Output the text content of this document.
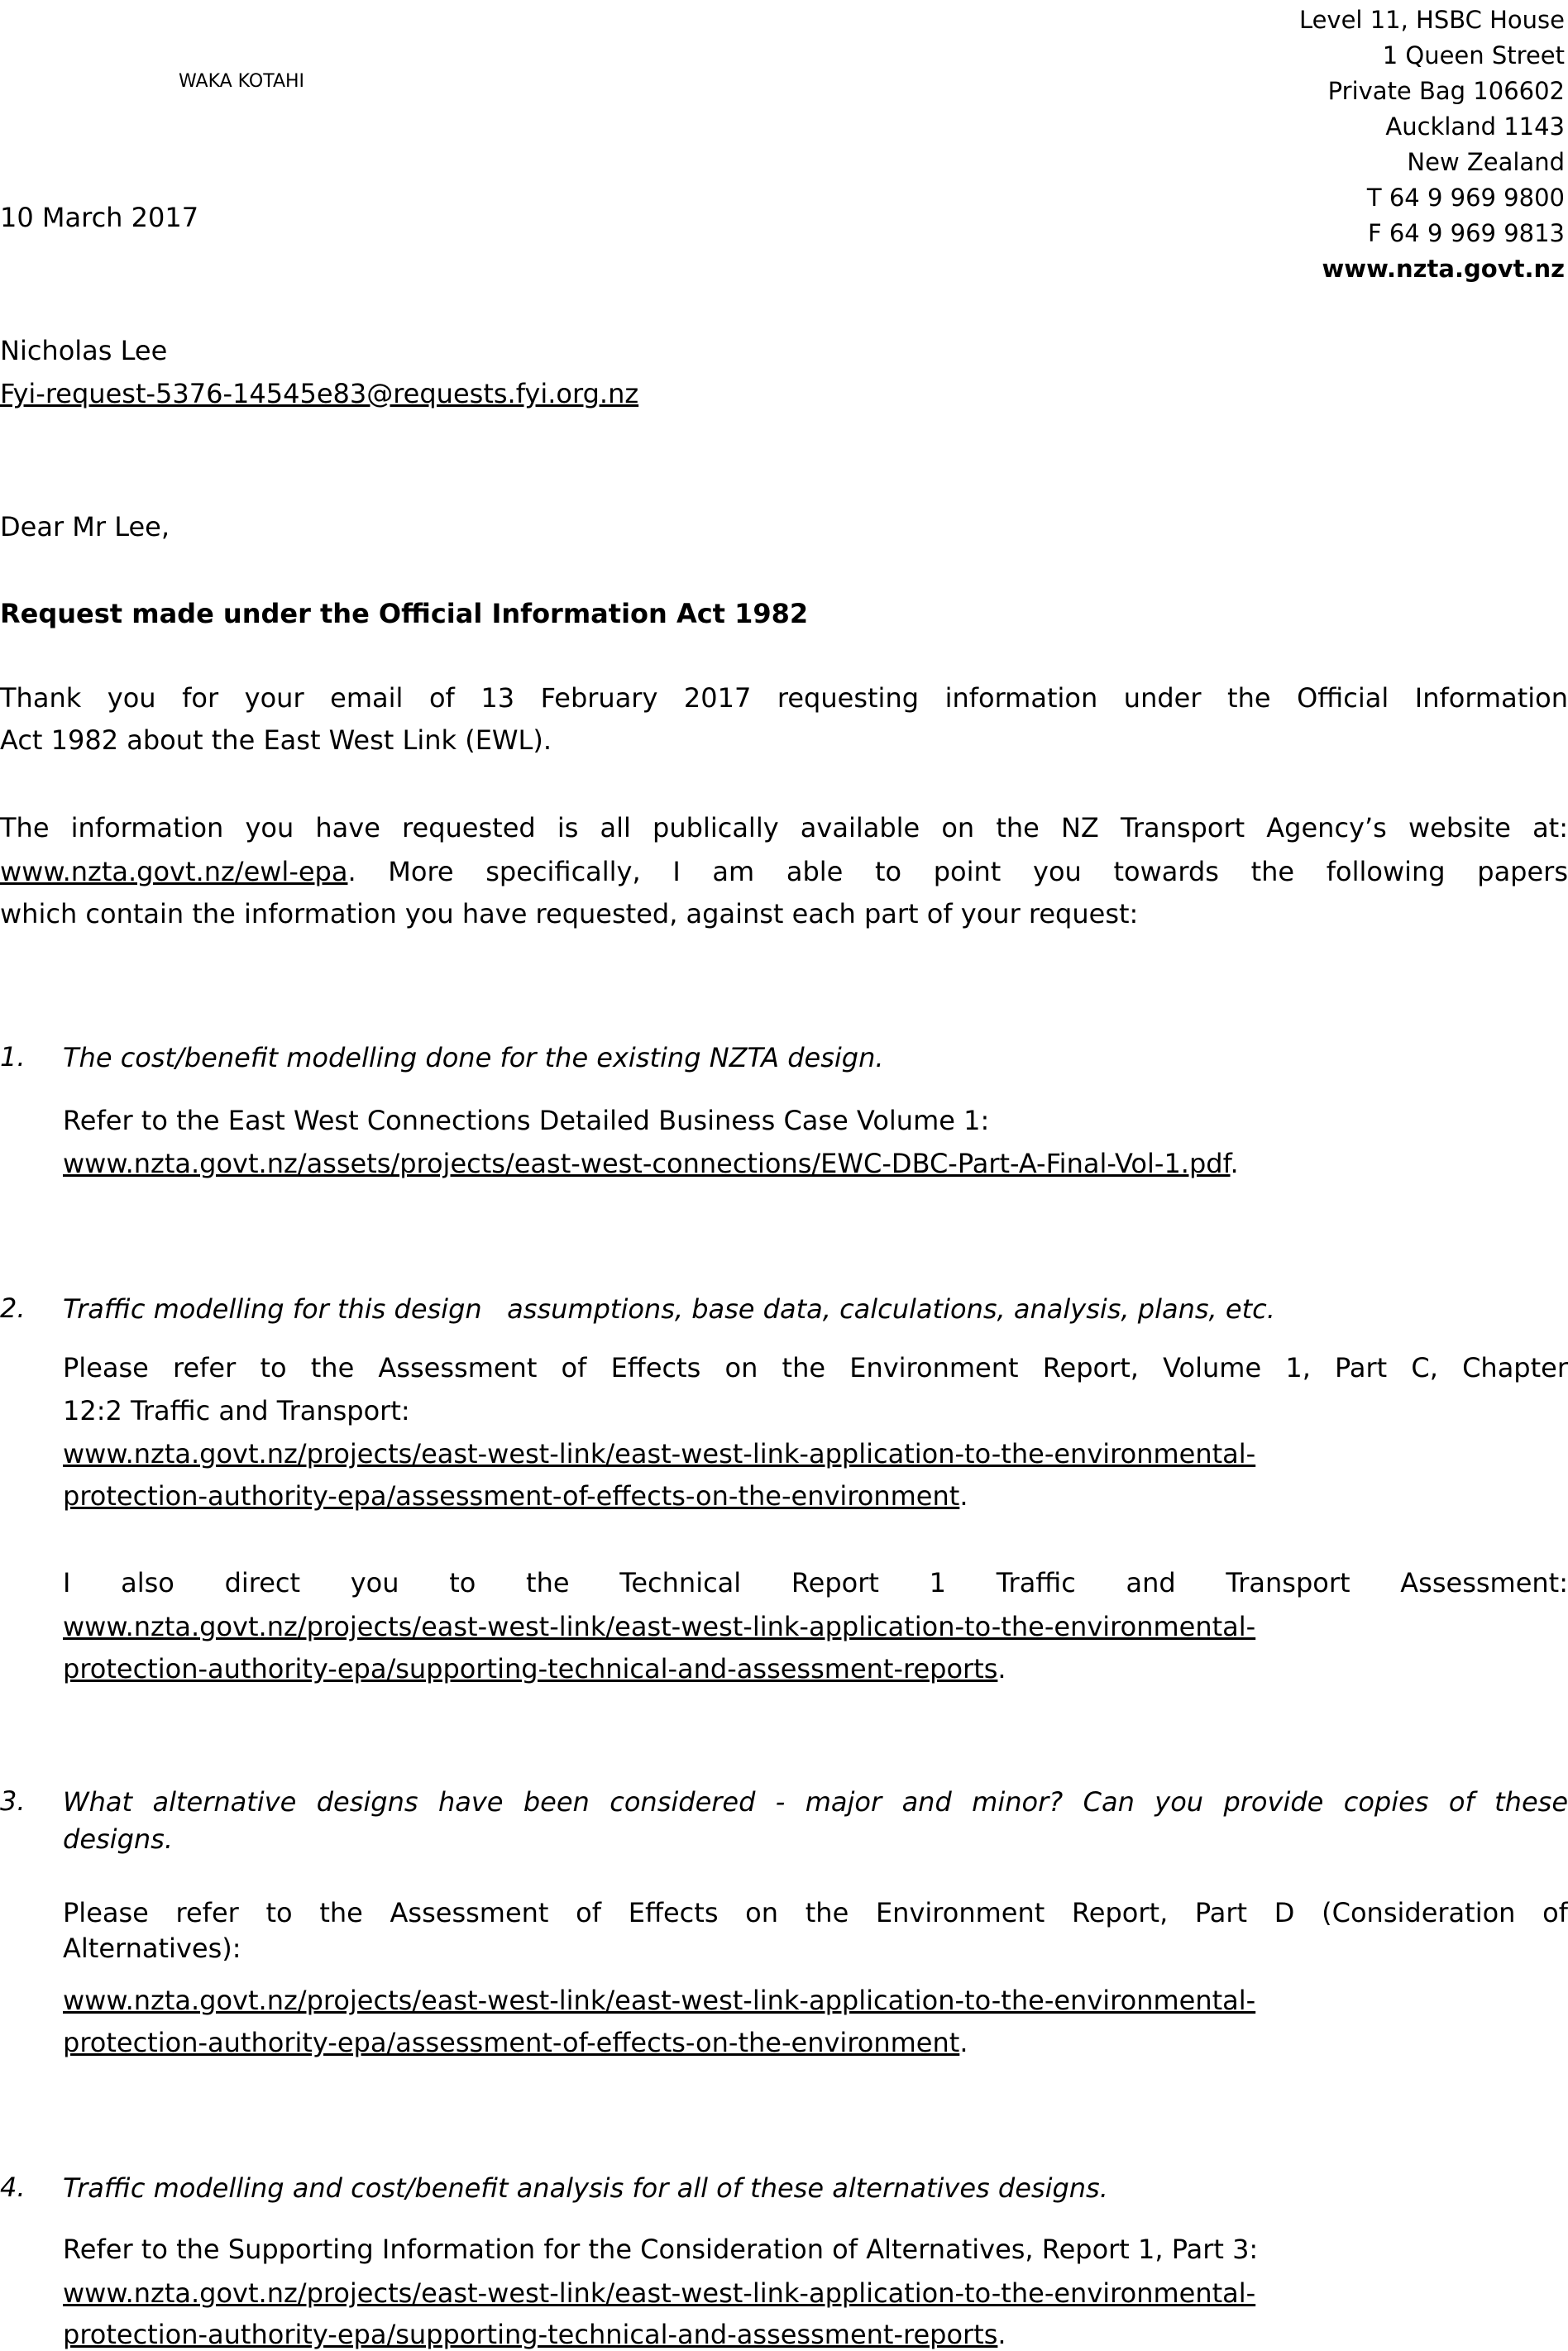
WAKA KOTAHI
Level 11, HSBC House
1 Queen Street
Private Bag 106602
Auckland 1143
New Zealand
T 64 9 969 9800
F 64 9 969 9813
www.nzta.govt.nz
10 March 2017
Nicholas Lee
Fyi-request-5376-14545e83@requests.fyi.org.nz
Dear Mr Lee,
Request made under the Official Information Act 1982
Thank you for your email of 13 February 2017 requesting information under the Official Information
Act 1982 about the East West Link (EWL).
The information you have requested is all publically available on the NZ Transport Agency’s website at:
www.nzta.govt.nz/ewl-epa. More specifically, I am able to point you towards the following papers
which contain the information you have requested, against each part of your request:
1. The cost/benefit modelling done for the existing NZTA design.
Refer to the East West Connections Detailed Business Case Volume 1:
www.nzta.govt.nz/assets/projects/east-west-connections/EWC-DBC-Part-A-Final-Vol-1.pdf.
2. Traffic modelling for this design   assumptions, base data, calculations, analysis, plans, etc.
Please refer to the Assessment of Effects on the Environment Report, Volume 1, Part C, Chapter
12:2 Traffic and Transport:
www.nzta.govt.nz/projects/east-west-link/east-west-link-application-to-the-environmental-
protection-authority-epa/assessment-of-effects-on-the-environment.
I also direct you to the Technical Report 1 Traffic and Transport Assessment:
www.nzta.govt.nz/projects/east-west-link/east-west-link-application-to-the-environmental-
protection-authority-epa/supporting-technical-and-assessment-reports.
3. What alternative designs have been considered - major and minor? Can you provide copies of these
designs.
Please refer to the Assessment of Effects on the Environment Report, Part D (Consideration of
Alternatives):
www.nzta.govt.nz/projects/east-west-link/east-west-link-application-to-the-environmental-
protection-authority-epa/assessment-of-effects-on-the-environment.
4. Traffic modelling and cost/benefit analysis for all of these alternatives designs.
Refer to the Supporting Information for the Consideration of Alternatives, Report 1, Part 3:
www.nzta.govt.nz/projects/east-west-link/east-west-link-application-to-the-environmental-
protection-authority-epa/supporting-technical-and-assessment-reports.
